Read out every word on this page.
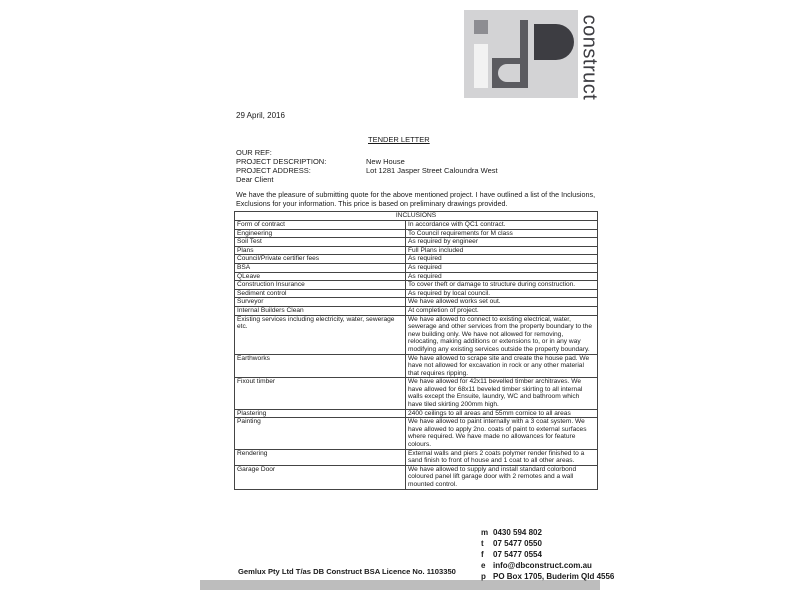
construct
29 April, 2016
TENDER LETTER
OUR REF:
PROJECT DESCRIPTION:	New House
PROJECT ADDRESS:	Lot 1281 Jasper Street Caloundra West
Dear Client
We have the pleasure of submitting quote for the above mentioned project. I have outlined a list of the Inclusions, Exclusions for your information. This price is based on preliminary drawings provided.
INCLUSIONS	
Form of contract	In accordance with QC1 contract.
Engineering	To Council requirements for M class
Soil Test	As required by engineer
Plans	Full Plans included
Council/Private certifier fees	As required
BSA	As required
QLeave	As required
Construction Insurance	To cover theft or damage to structure during construction.
Sediment control	As required by local council.
Surveyor	We have allowed works set out.
Internal Builders Clean	At completion of project.
Existing services including electricity, water, sewerage etc.	We have allowed to connect to existing electrical, water, sewerage and other services from the property boundary to the new building only. We have not allowed for removing, relocating, making additions or extensions to, or in any way modifying any existing services outside the property boundary.
Earthworks	We have allowed to scrape site and create the house pad. We have not allowed for excavation in rock or any other material that requires ripping.
Fixout timber	We have allowed for 42x11 bevelled timber architraves. We have allowed for 68x11 beveled timber skirting to all internal walls except the Ensuite, laundry, WC and bathroom which have tiled skirting 200mm high.
Plastering	2400 ceilings to all areas and 55mm cornice to all areas
Painting	We have allowed to paint internally with a 3 coat system. We have allowed to apply 2no. coats of paint to external surfaces where required. We have made no allowances for feature colours.
Rendering	External walls and piers 2 coats polymer render finished to a sand finish to front of house and 1 coat to all other areas.
Garage Door	We have allowed to supply and install standard colorbond coloured panel lift garage door with 2 remotes and a wall mounted control.
Gemlux Pty Ltd T/as DB Construct BSA Licence No. 1103350
m 0430 594 802
t 07 5477 0550
f 07 5477 0554
e info@dbconstruct.com.au
p PO Box 1705, Buderim Qld 4556
